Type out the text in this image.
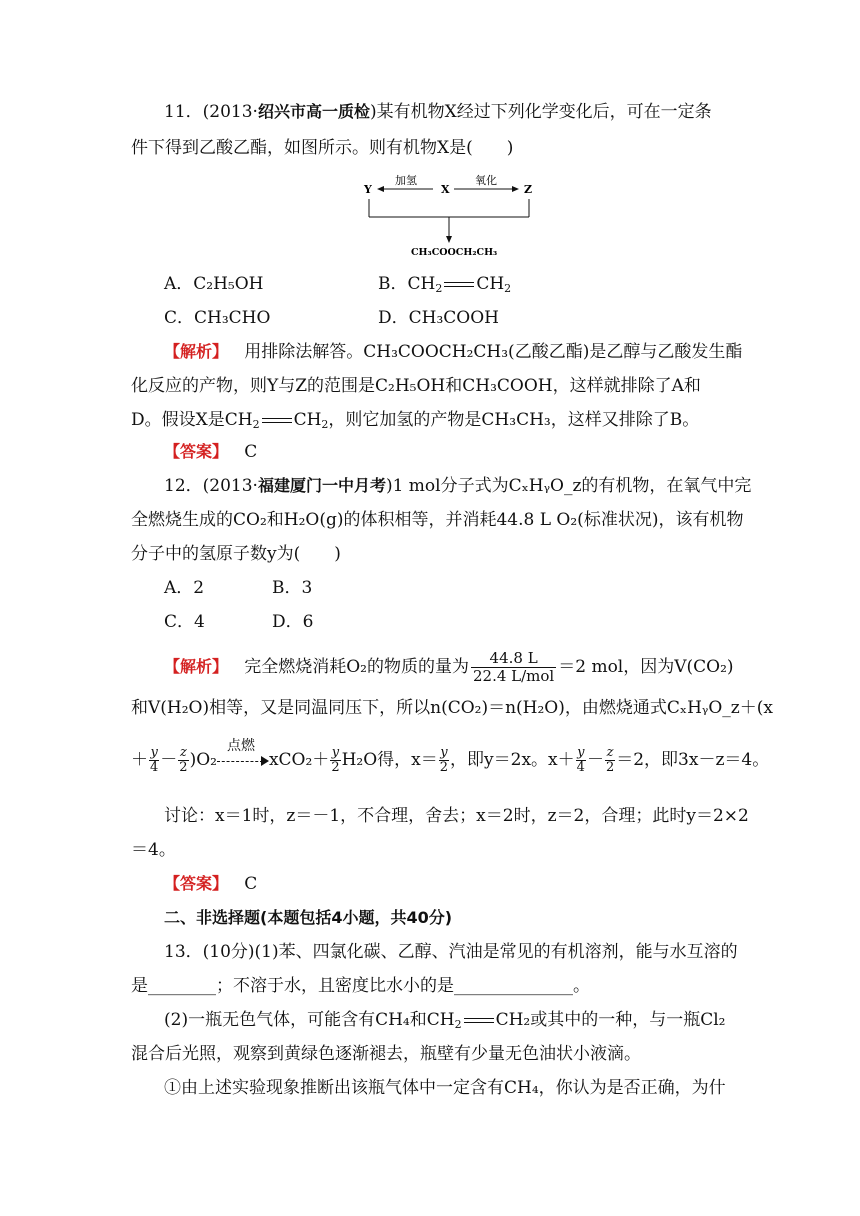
11．(2013·绍兴市高一质检)某有机物X经过下列化学变化后，可在一定条
件下得到乙酸乙酯，如图所示。则有机物X是(　　)
Y	X	Z
加氢	氧化
CH₃COOCH₂CH₃
A．C₂H₅OH	B．$CH_2$ $CH_2$
C．CH₃CHO	D．CH₃COOH
【解析】 用排除法解答。CH₃COOCH₂CH₃(乙酸乙酯)是乙醇与乙酸发生酯
化反应的产物，则Y与Z的范围是C₂H₅OH和CH₃COOH，这样就排除了A和
D。假设X是$CH_2$ $CH_2$，则它加氢的产物是CH₃CH₃，这样又排除了B。
【答案】 C
12．(2013·福建厦门一中月考)1 mol分子式为CₓHᵧO_z的有机物，在氧气中完
全燃烧生成的CO₂和H₂O(g)的体积相等，并消耗44.8 L O₂(标准状况)，该有机物
分子中的氢原子数y为(　　)
A．2	B．3
C．4	D．6
【解析】 完全燃烧消耗O₂的物质的量为 $\frac{44.8 L}{\text{22.4 L/mol}} =2$ mol，因为V(CO₂)
和V(H₂O)相等，又是同温同压下，所以n(CO₂)＝n(H₂O)，由燃烧通式CₓHᵧO_z＋(x
＋ $\frac{y}{4} - \frac{z}{2} )O_2$
点燃
$xCO_2+ \frac{y}{2} H_2O$得，$x= \frac{y}{2}$ ，即y＝2x。$x+ \frac{y}{4} - \frac{z}{2} =2$，即3x－z＝4。
讨论：x＝1时，z＝－1，不合理，舍去；x＝2时，z＝2，合理；此时y＝2×2
＝4。
【答案】 C
二、非选择题(本题包括4小题，共40分)
13．(10分)(1)苯、四氯化碳、乙醇、汽油是常见的有机溶剂，能与水互溶的
是________；不溶于水，且密度比水小的是______________。
(2)一瓶无色气体，可能含有CH₄和$CH_2$ CH₂或其中的一种，与一瓶Cl₂
混合后光照，观察到黄绿色逐渐褪去，瓶壁有少量无色油状小液滴。
①由上述实验现象推断出该瓶气体中一定含有CH₄，你认为是否正确，为什
